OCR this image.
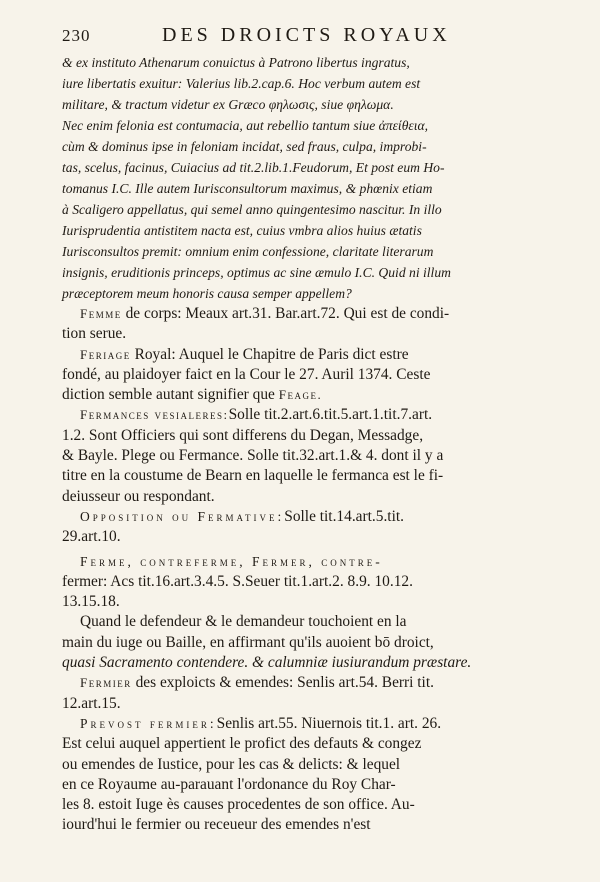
230	DES DROICTS ROYAUX

& ex instituto Athenarum conuictus à Patrono libertus ingratus,

iure libertatis exuitur: Valerius lib.2.cap.6. Hoc verbum autem est

militare, & tractum videtur ex Græco φηλωσις, siue φηλωμα.

Nec enim felonia est contumacia, aut rebellio tantum siue ἀπείθεια,

cùm & dominus ipse in feloniam incidat, sed fraus, culpa, improbi-

tas, scelus, facinus, Cuiacius ad tit.2.lib.1.Feudorum, Et post eum Ho-

tomanus I.C. Ille autem Iurisconsultorum maximus, & phœnix etiam

à Scaligero appellatus, qui semel anno quingentesimo nascitur. In illo

Iurisprudentia antistitem nacta est, cuius vmbra alios huius ætatis

Iurisconsultos premit: omnium enim confessione, claritate literarum

insignis, eruditionis princeps, optimus ac sine æmulo I.C. Quid ni illum

præceptorem meum honoris causa semper appellem?

Femme de corps: Meaux art.31. Bar.art.72. Qui est de condi-

tion serue.

Feriage Royal: Auquel le Chapitre de Paris dict estre

fondé, au plaidoyer faict en la Cour le 27. Auril 1374. Ceste

diction semble autant signifier que Feage.

Fermances vesialeres:Solle tit.2.art.6.tit.5.art.1.tit.7.art.

1.2. Sont Officiers qui sont differens du Degan, Messadge,

& Bayle. Plege ou Fermance. Solle tit.32.art.1.& 4. dont il y a

titre en la coustume de Bearn en laquelle le fermanca est le fi-

deiusseur ou respondant.

Opposition ou Fermative:Solle tit.14.art.5.tit.

29.art.10.

Ferme, contreferme, Fermer, contre-

fermer: Acs tit.16.art.3.4.5. S.Seuer tit.1.art.2. 8.9. 10.12.

13.15.18.

Quand le defendeur & le demandeur touchoient en la

main du iuge ou Baille, en affirmant qu'ils auoient bō droict,

quasi Sacramento contendere. & calumniæ iusiurandum præstare.

Fermier des exploicts & emendes: Senlis art.54. Berri tit.

12.art.15.

Prevost fermier:Senlis art.55. Niuernois tit.1. art. 26.

Est celui auquel appertient le profict des defauts & congez

ou emendes de Iustice, pour les cas & delicts: & lequel

en ce Royaume au-parauant l'ordonance du Roy Char-

les 8. estoit Iuge ès causes procedentes de son office. Au-

iourd'hui le fermier ou receueur des emendes n'est
